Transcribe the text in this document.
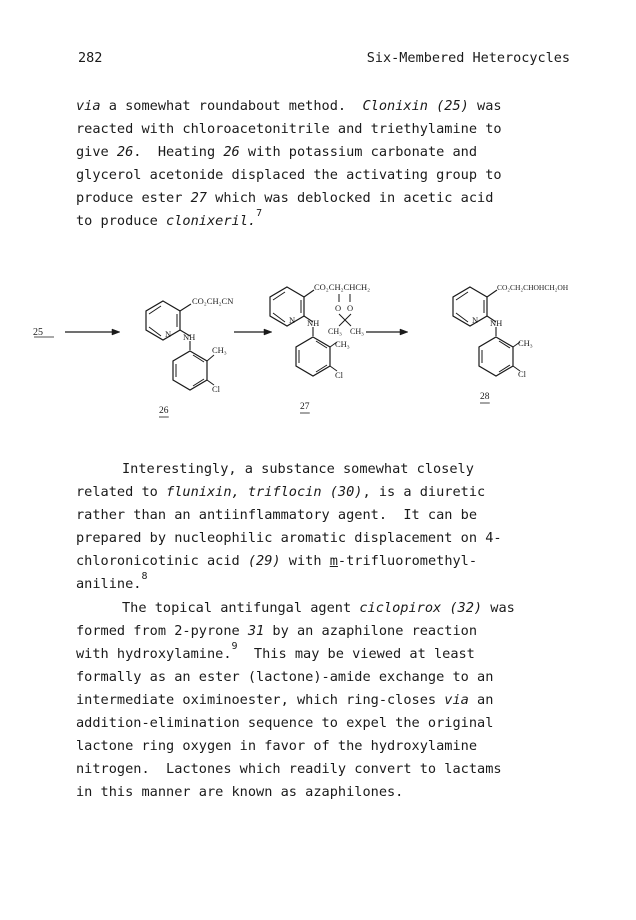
282	Six-Membered Heterocycles
via a somewhat roundabout method.  Clonixin (25) was
reacted with chloroacetonitrile and triethylamine to
give 26.  Heating 26 with potassium carbonate and
glycerol acetonide displaced the activating group to
produce ester 27 which was deblocked in acetic acid
to produce clonixeril.$^7$
25
CO₂CH₂CN
N NH
CH₃
Cl
26
CO₂CH₂CHCH₂
O O
CH₃ CH₃
N NH
CH₃
Cl
27
CO₂CH₂CHOHCH₂OH
N NH
CH₃
Cl
28
Interestingly, a substance somewhat closely
related to flunixin, triflocin (30), is a diuretic
rather than an antiinflammatory agent.  It can be
prepared by nucleophilic aromatic displacement on 4-
chloronicotinic acid (29) with m-trifluoromethyl-
aniline.$^8$
The topical antifungal agent ciclopirox (32) was
formed from 2-pyrone 31 by an azaphilone reaction
with hydroxylamine.$^9$  This may be viewed at least
formally as an ester (lactone)-amide exchange to an
intermediate oximinoester, which ring-closes via an
addition-elimination sequence to expel the original
lactone ring oxygen in favor of the hydroxylamine
nitrogen.  Lactones which readily convert to lactams
in this manner are known as azaphilones.
